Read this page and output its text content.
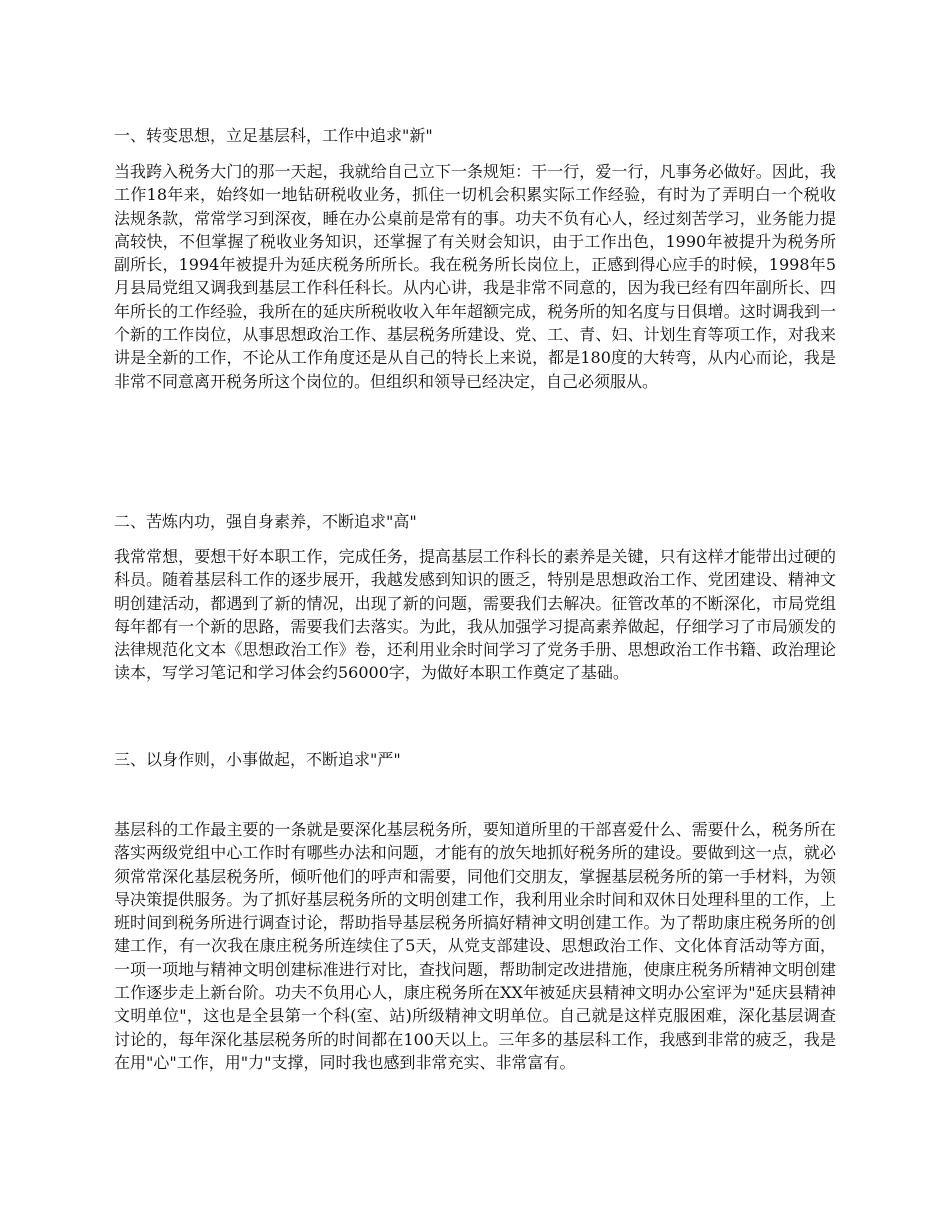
一、转变思想，立足基层科，工作中追求"新"
当我跨入税务大门的那一天起，我就给自己立下一条规矩：干一行，爱一行，凡事务必做好。因此，我工作18年来，始终如一地钻研税收业务，抓住一切机会积累实际工作经验，有时为了弄明白一个税收法规条款，常常学习到深夜，睡在办公桌前是常有的事。功夫不负有心人，经过刻苦学习，业务能力提高较快，不但掌握了税收业务知识，还掌握了有关财会知识，由于工作出色，1990年被提升为税务所副所长，1994年被提升为延庆税务所所长。我在税务所长岗位上，正感到得心应手的时候，1998年5月县局党组又调我到基层工作科任科长。从内心讲，我是非常不同意的，因为我已经有四年副所长、四年所长的工作经验，我所在的延庆所税收收入年年超额完成，税务所的知名度与日俱增。这时调我到一个新的工作岗位，从事思想政治工作、基层税务所建设、党、工、青、妇、计划生育等项工作，对我来讲是全新的工作，不论从工作角度还是从自己的特长上来说，都是180度的大转弯，从内心而论，我是非常不同意离开税务所这个岗位的。但组织和领导已经决定，自己必须服从。
二、苦炼内功，强自身素养，不断追求"高"
我常常想，要想干好本职工作，完成任务，提高基层工作科长的素养是关键，只有这样才能带出过硬的科员。随着基层科工作的逐步展开，我越发感到知识的匮乏，特别是思想政治工作、党团建设、精神文明创建活动，都遇到了新的情况，出现了新的问题，需要我们去解决。征管改革的不断深化，市局党组每年都有一个新的思路，需要我们去落实。为此，我从加强学习提高素养做起，仔细学习了市局颁发的法律规范化文本《思想政治工作》卷，还利用业余时间学习了党务手册、思想政治工作书籍、政治理论读本，写学习笔记和学习体会约56000字，为做好本职工作奠定了基础。
三、以身作则，小事做起，不断追求"严"
基层科的工作最主要的一条就是要深化基层税务所，要知道所里的干部喜爱什么、需要什么，税务所在落实两级党组中心工作时有哪些办法和问题，才能有的放矢地抓好税务所的建设。要做到这一点，就必须常常深化基层税务所，倾听他们的呼声和需要，同他们交朋友，掌握基层税务所的第一手材料，为领导决策提供服务。为了抓好基层税务所的文明创建工作，我利用业余时间和双休日处理科里的工作，上班时间到税务所进行调查讨论，帮助指导基层税务所搞好精神文明创建工作。为了帮助康庄税务所的创建工作，有一次我在康庄税务所连续住了5天，从党支部建设、思想政治工作、文化体育活动等方面，一项一项地与精神文明创建标准进行对比，查找问题，帮助制定改进措施，使康庄税务所精神文明创建工作逐步走上新台阶。功夫不负用心人，康庄税务所在XX年被延庆县精神文明办公室评为"延庆县精神文明单位"，这也是全县第一个科(室、站)所级精神文明单位。自己就是这样克服困难，深化基层调查讨论的，每年深化基层税务所的时间都在100天以上。三年多的基层科工作，我感到非常的疲乏，我是在用"心"工作，用"力"支撑，同时我也感到非常充实、非常富有。
